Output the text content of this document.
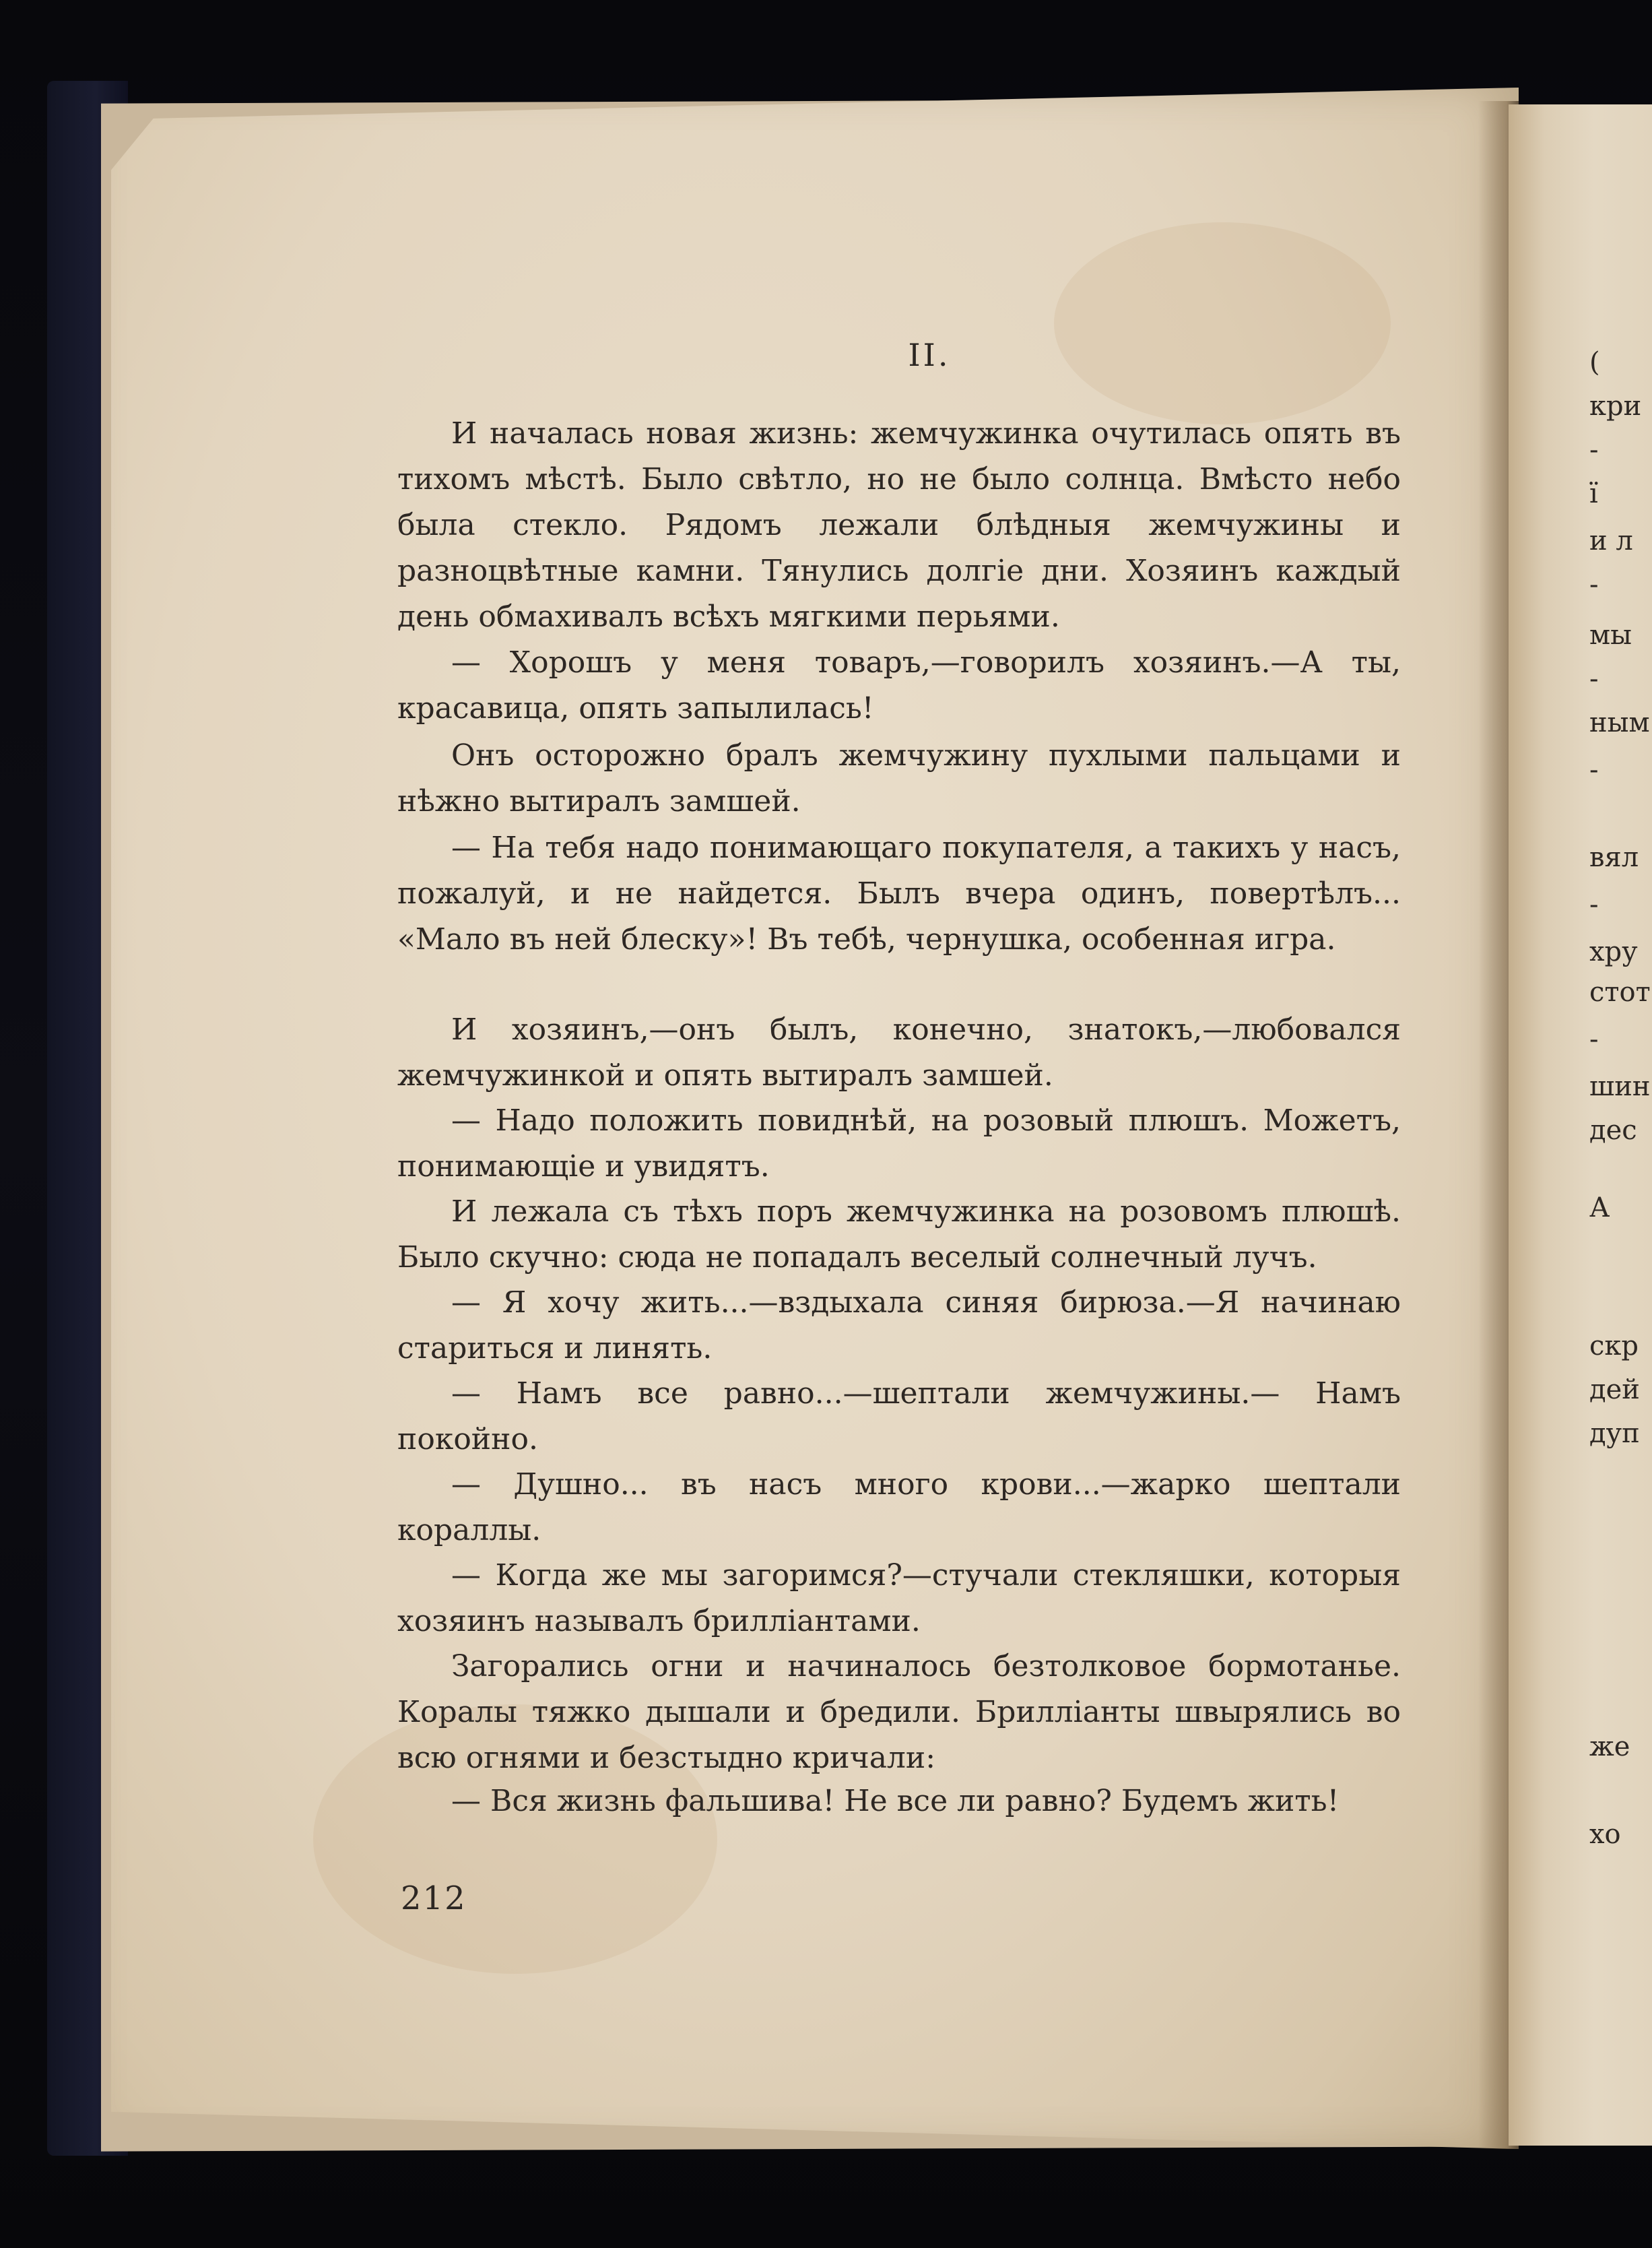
II.
И началась новая жизнь: жемчужинка очутилась опять въ тихомъ мѣстѣ. Было свѣтло, но не было солнца. Вмѣсто небо была стекло. Рядомъ лежали блѣдныя жемчужины и разноцвѣтные камни. Тянулись долгіе дни. Хозяинъ каждый день обмахивалъ всѣхъ мягкими перьями.
— Хорошъ у меня товаръ,—говорилъ хозяинъ.—А ты, красавица, опять запылилась!
Онъ осторожно бралъ жемчужину пухлыми пальцами и нѣжно вытиралъ замшей.
— На тебя надо понимающаго покупателя, а такихъ у насъ, пожалуй, и не найдется. Былъ вчера одинъ, повертѣлъ... «Мало въ ней блеску»! Въ тебѣ, чернушка, особенная игра.
И хозяинъ,—онъ былъ, конечно, знатокъ,—любовался жемчужинкой и опять вытиралъ замшей.
— Надо положить повиднѣй, на розовый плюшъ. Можетъ, понимающіе и увидятъ.
И лежала съ тѣхъ поръ жемчужинка на розовомъ плюшѣ. Было скучно: сюда не попадалъ веселый солнечный лучъ.
— Я хочу жить...—вздыхала синяя бирюза.—Я начинаю стариться и линять.
— Намъ все равно...—шептали жемчужины.— Намъ покойно.
— Душно... въ насъ много крови...—жарко шептали кораллы.
— Когда же мы загоримся?—стучали стекляшки, которыя хозяинъ называлъ бриллiантами.
Загорались огни и начиналось безтолковое бормотанье. Коралы тяжко дышали и бредили. Бриллiанты швырялись во всю огнями и безстыдно кричали:
— Вся жизнь фальшива! Не все ли равно? Будемъ жить!
212
(
кри
-
ї
и л
-
мы
-
ным
-
вял
-
хру
стот
-
шин
дес
А
скр
дей
дуп
же
хо
